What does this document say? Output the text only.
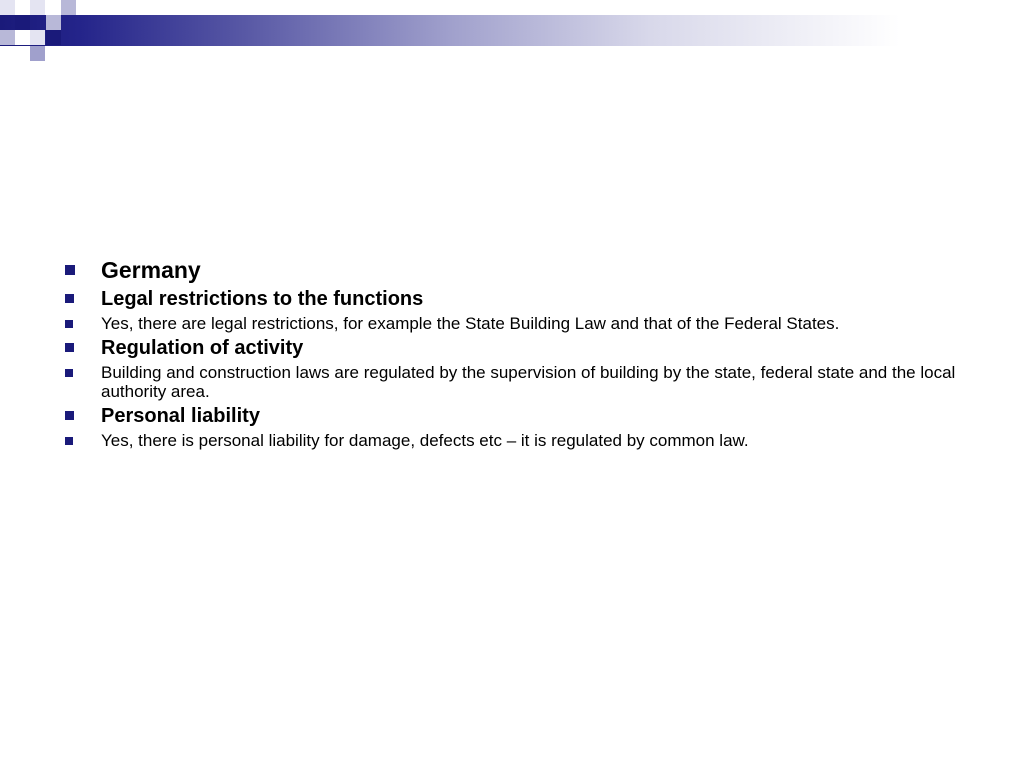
Germany
Legal restrictions to the functions
Yes, there are legal restrictions, for example the State Building Law and that of the Federal States.
Regulation of activity
Building and construction laws are regulated by the supervision of building by the state, federal state and the local authority area.
Personal liability
Yes, there is personal liability for damage, defects etc – it is regulated by common law.
